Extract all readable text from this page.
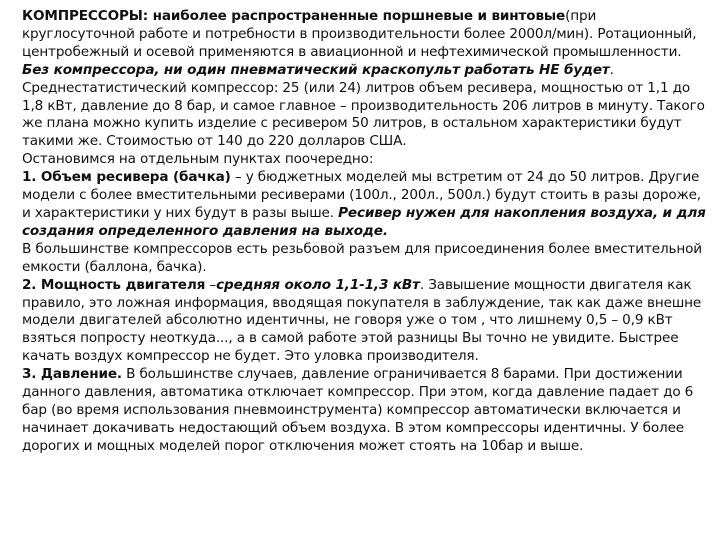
КОМПРЕССОРЫ: наиболее распространенные поршневые и винтовые(при круглосуточной работе и потребности в производительности более 2000л/мин). Ротационный, центробежный и осевой применяются в авиационной и нефтехимической промышленности.

Без компрессора, ни один пневматический краскопульт работать НЕ будет.

Среднестатистический компрессор: 25 (или 24) литров объем ресивера, мощностью от 1,1 до 1,8 кВт, давление до 8 бар, и самое главное – производительность 206 литров в минуту. Такого же плана можно купить изделие с ресивером 50 литров, в остальном характеристики будут такими же. Стоимостью от 140 до 220 долларов США.

Остановимся на отдельным пунктах поочередно:

1. Объем ресивера (бачка) – у бюджетных моделей мы встретим от 24 до 50 литров. Другие модели с более вместительными ресиверами (100л., 200л., 500л.) будут стоить в разы дороже, и характеристики у них будут в разы выше. Ресивер нужен для накопления воздуха, и для создания определенного давления на выходе.

В большинстве компрессоров есть резьбовой разъем для присоединения более вместительной емкости (баллона, бачка).

2. Мощность двигателя –средняя около 1,1-1,3 кВт. Завышение мощности двигателя как правило, это ложная информация, вводящая покупателя в заблуждение, так как даже внешне модели двигателей абсолютно идентичны, не говоря уже о том , что лишнему 0,5 – 0,9 кВт взяться попросту неоткуда..., а в самой работе этой разницы Вы точно не увидите. Быстрее качать воздух компрессор не будет. Это уловка производителя.

3. Давление. В большинстве случаев, давление ограничивается 8 барами. При достижении данного давления, автоматика отключает компрессор. При этом, когда давление падает до 6 бар (во время использования пневмоинструмента) компрессор автоматически включается и начинает докачивать недостающий объем воздуха. В этом компрессоры идентичны. У более дорогих и мощных моделей порог отключения может стоять на 10бар и выше.
